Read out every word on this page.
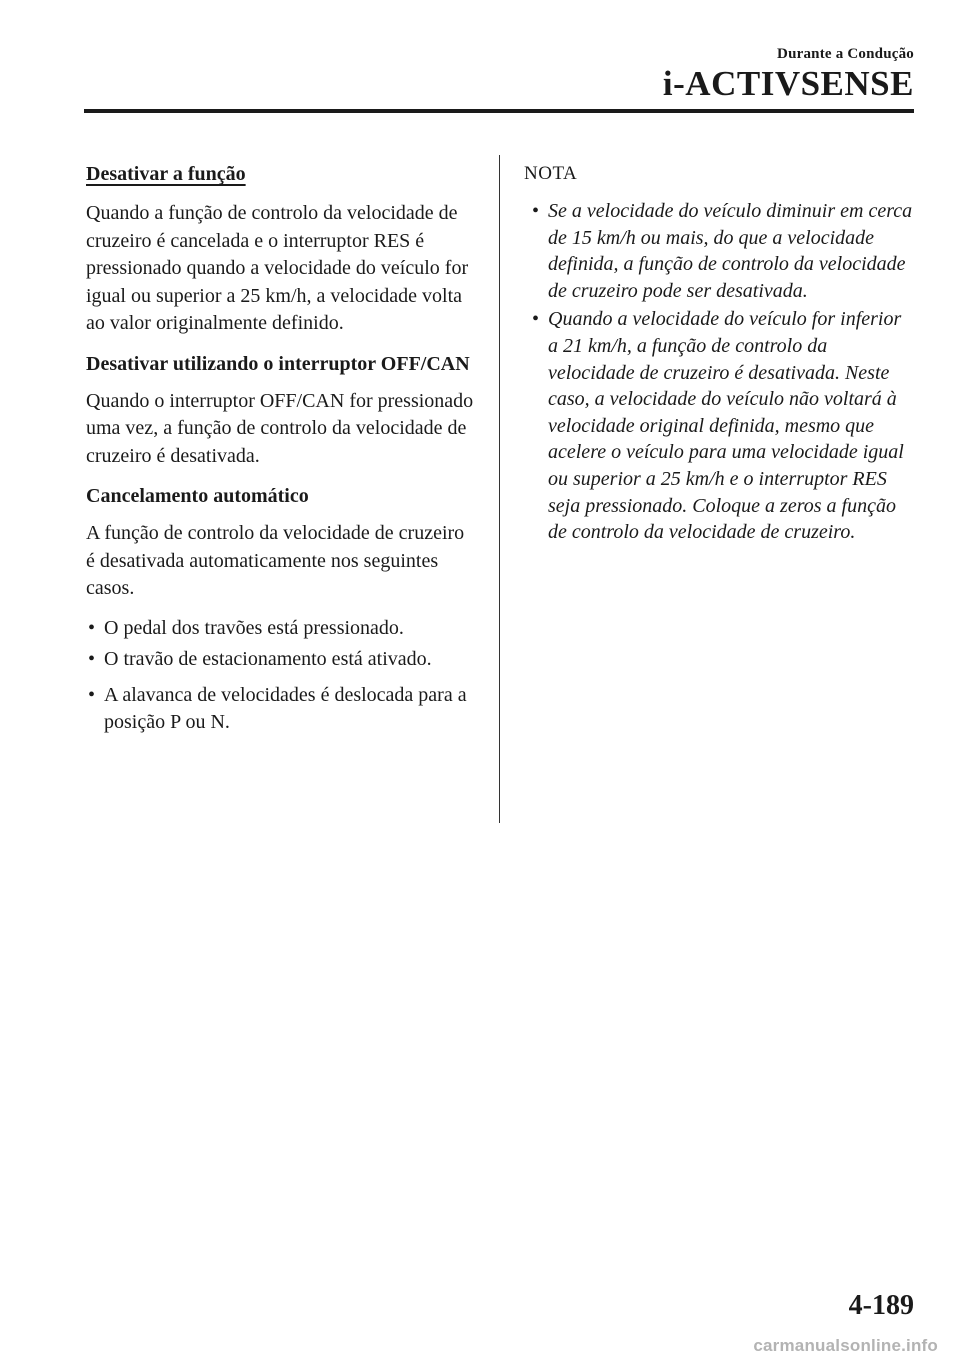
Durante a Condução
i-ACTIVSENSE
Desativar a função

Quando a função de controlo da velocidade de cruzeiro é cancelada e o interruptor RES é pressionado quando a velocidade do veículo for igual ou superior a 25 km/h, a velocidade volta ao valor originalmente definido.

Desativar utilizando o interruptor OFF/CAN

Quando o interruptor OFF/CAN for pressionado uma vez, a função de controlo da velocidade de cruzeiro é desativada.

Cancelamento automático

A função de controlo da velocidade de cruzeiro é desativada automaticamente nos seguintes casos.

• O pedal dos travões está pressionado.
• O travão de estacionamento está ativado.
• A alavanca de velocidades é deslocada para a posição P ou N.
NOTA
• Se a velocidade do veículo diminuir em cerca de 15 km/h ou mais, do que a velocidade definida, a função de controlo da velocidade de cruzeiro pode ser desativada.
• Quando a velocidade do veículo for inferior a 21 km/h, a função de controlo da velocidade de cruzeiro é desativada. Neste caso, a velocidade do veículo não voltará à velocidade original definida, mesmo que acelere o veículo para uma velocidade igual ou superior a 25 km/h e o interruptor RES seja pressionado. Coloque a zeros a função de controlo da velocidade de cruzeiro.
4-189
carmanualsonline.info
